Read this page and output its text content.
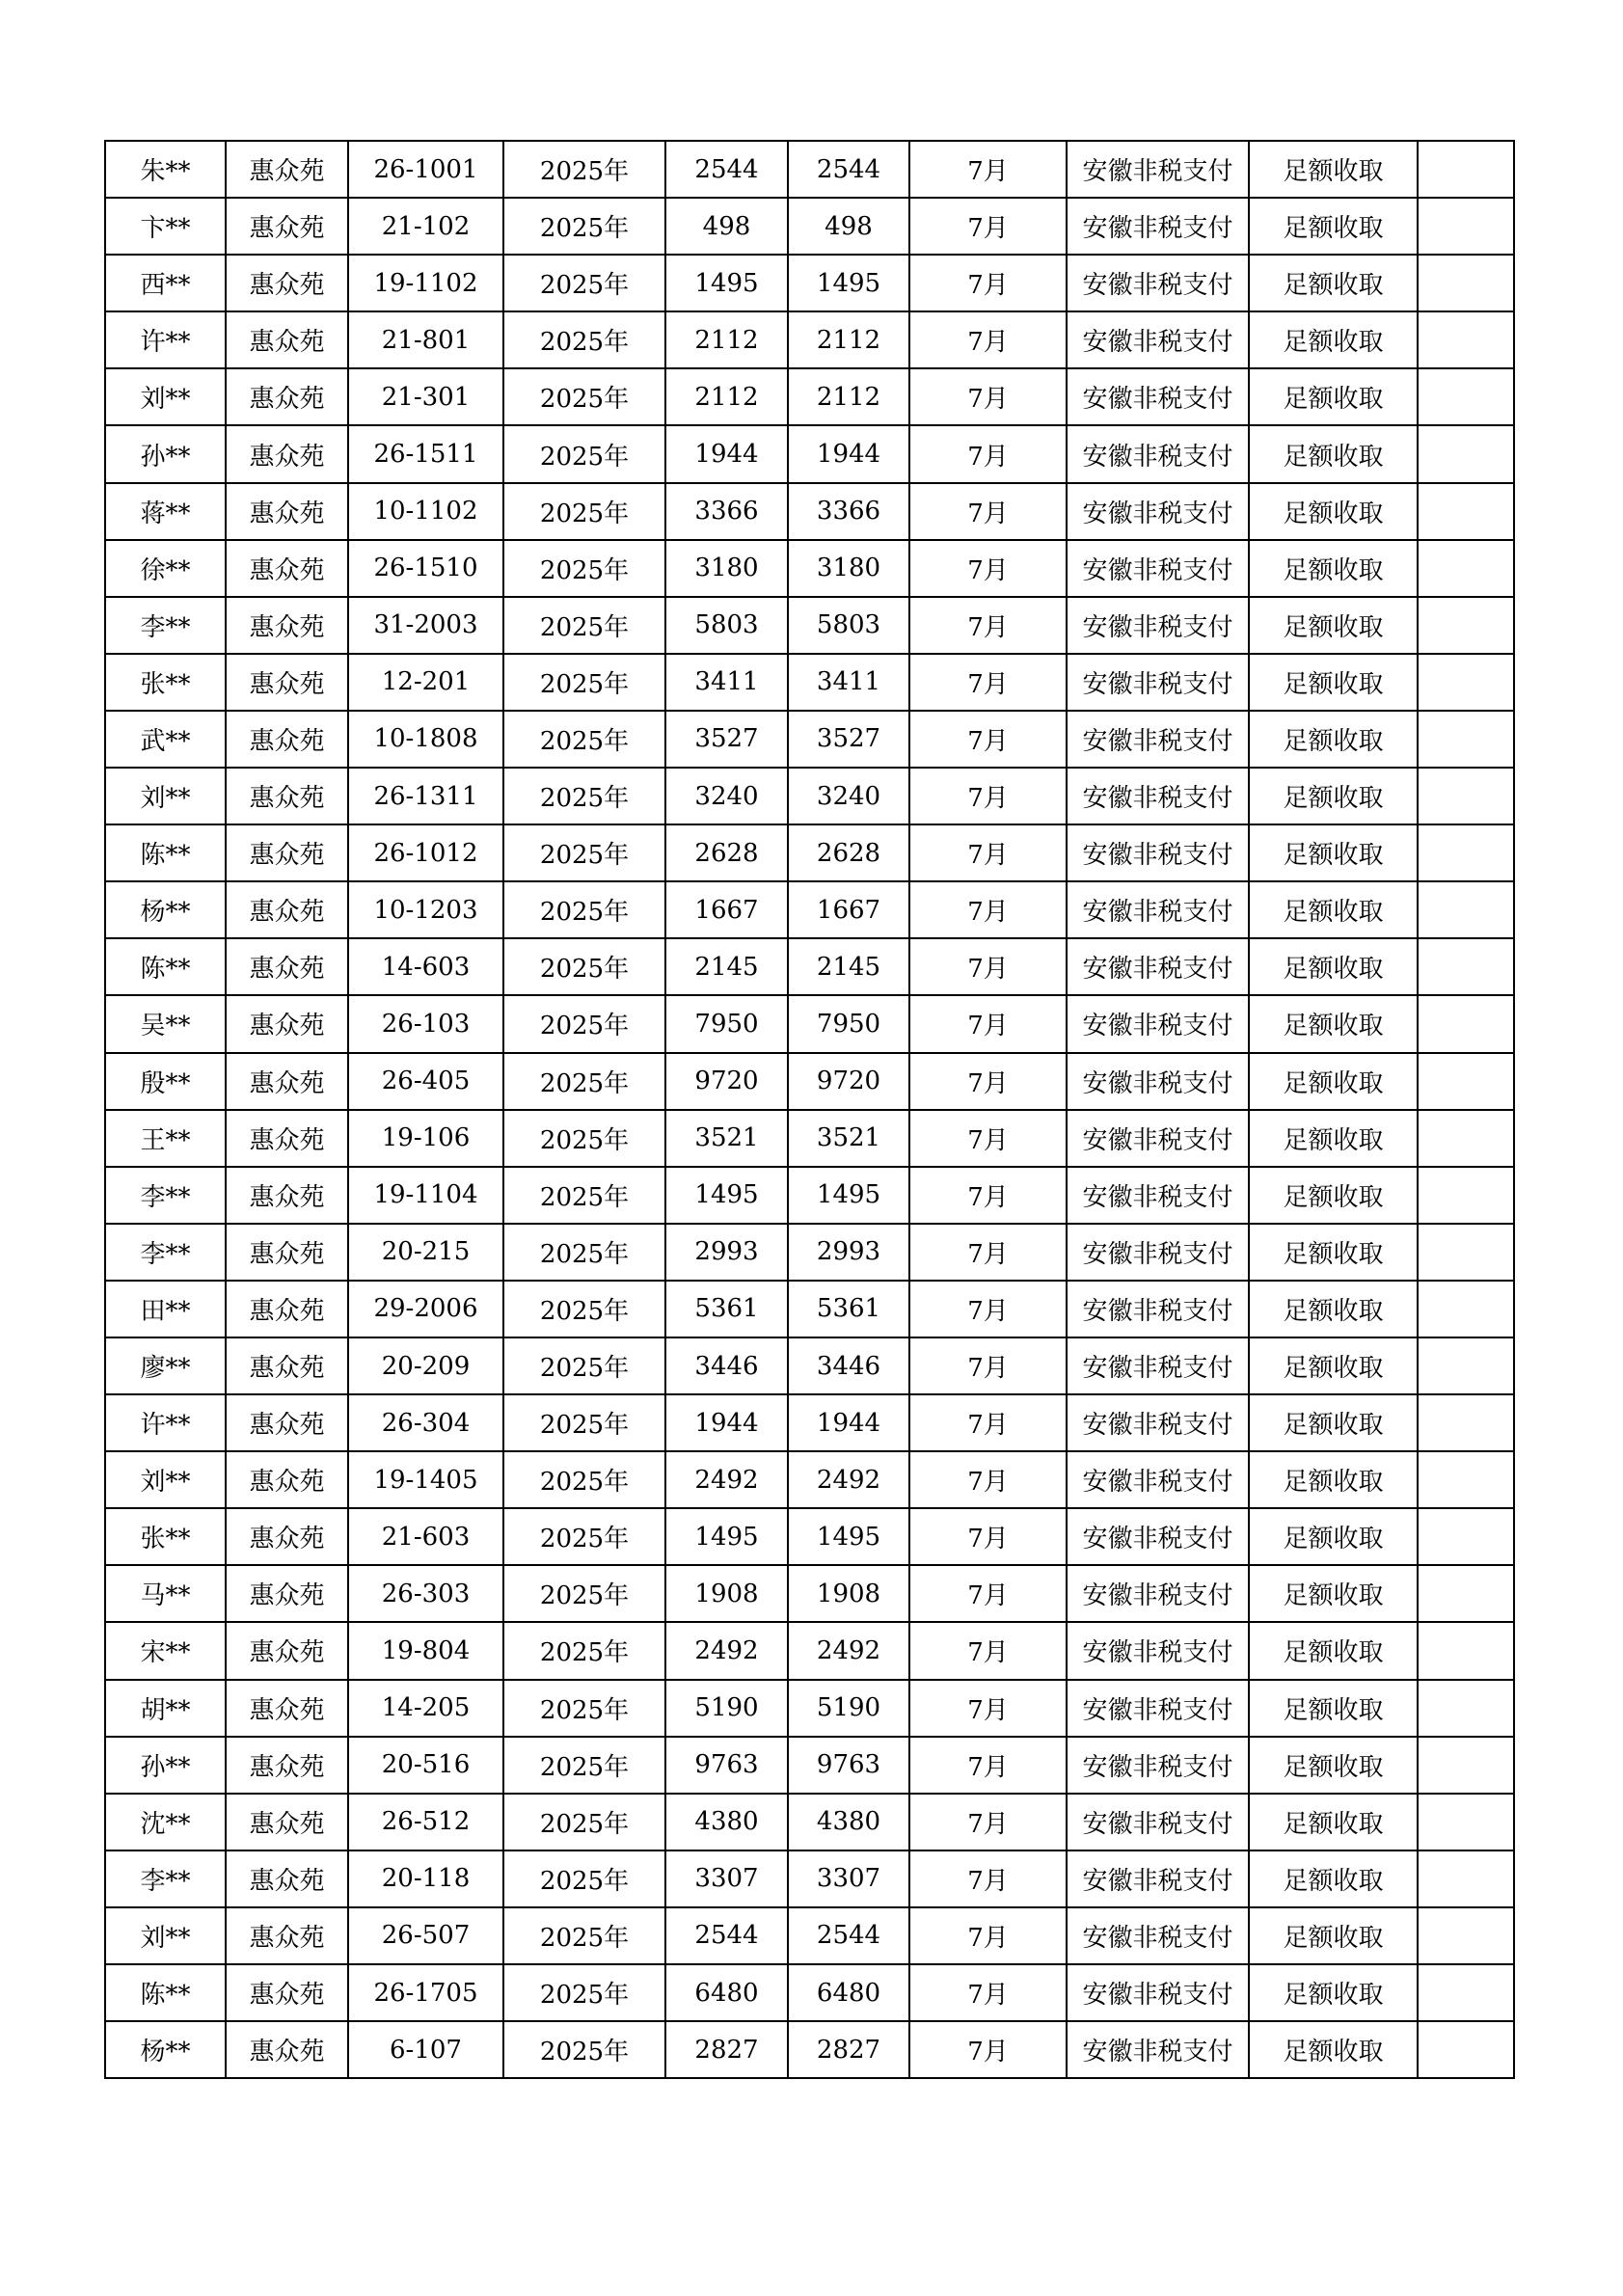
朱**	惠众苑	26-1001	2025年	2544	2544	7月	安徽非税支付	足额收取	
卞**	惠众苑	21-102	2025年	498	498	7月	安徽非税支付	足额收取	
西**	惠众苑	19-1102	2025年	1495	1495	7月	安徽非税支付	足额收取	
许**	惠众苑	21-801	2025年	2112	2112	7月	安徽非税支付	足额收取	
刘**	惠众苑	21-301	2025年	2112	2112	7月	安徽非税支付	足额收取	
孙**	惠众苑	26-1511	2025年	1944	1944	7月	安徽非税支付	足额收取	
蒋**	惠众苑	10-1102	2025年	3366	3366	7月	安徽非税支付	足额收取	
徐**	惠众苑	26-1510	2025年	3180	3180	7月	安徽非税支付	足额收取	
李**	惠众苑	31-2003	2025年	5803	5803	7月	安徽非税支付	足额收取	
张**	惠众苑	12-201	2025年	3411	3411	7月	安徽非税支付	足额收取	
武**	惠众苑	10-1808	2025年	3527	3527	7月	安徽非税支付	足额收取	
刘**	惠众苑	26-1311	2025年	3240	3240	7月	安徽非税支付	足额收取	
陈**	惠众苑	26-1012	2025年	2628	2628	7月	安徽非税支付	足额收取	
杨**	惠众苑	10-1203	2025年	1667	1667	7月	安徽非税支付	足额收取	
陈**	惠众苑	14-603	2025年	2145	2145	7月	安徽非税支付	足额收取	
吴**	惠众苑	26-103	2025年	7950	7950	7月	安徽非税支付	足额收取	
殷**	惠众苑	26-405	2025年	9720	9720	7月	安徽非税支付	足额收取	
王**	惠众苑	19-106	2025年	3521	3521	7月	安徽非税支付	足额收取	
李**	惠众苑	19-1104	2025年	1495	1495	7月	安徽非税支付	足额收取	
李**	惠众苑	20-215	2025年	2993	2993	7月	安徽非税支付	足额收取	
田**	惠众苑	29-2006	2025年	5361	5361	7月	安徽非税支付	足额收取	
廖**	惠众苑	20-209	2025年	3446	3446	7月	安徽非税支付	足额收取	
许**	惠众苑	26-304	2025年	1944	1944	7月	安徽非税支付	足额收取	
刘**	惠众苑	19-1405	2025年	2492	2492	7月	安徽非税支付	足额收取	
张**	惠众苑	21-603	2025年	1495	1495	7月	安徽非税支付	足额收取	
马**	惠众苑	26-303	2025年	1908	1908	7月	安徽非税支付	足额收取	
宋**	惠众苑	19-804	2025年	2492	2492	7月	安徽非税支付	足额收取	
胡**	惠众苑	14-205	2025年	5190	5190	7月	安徽非税支付	足额收取	
孙**	惠众苑	20-516	2025年	9763	9763	7月	安徽非税支付	足额收取	
沈**	惠众苑	26-512	2025年	4380	4380	7月	安徽非税支付	足额收取	
李**	惠众苑	20-118	2025年	3307	3307	7月	安徽非税支付	足额收取	
刘**	惠众苑	26-507	2025年	2544	2544	7月	安徽非税支付	足额收取	
陈**	惠众苑	26-1705	2025年	6480	6480	7月	安徽非税支付	足额收取	
杨**	惠众苑	6-107	2025年	2827	2827	7月	安徽非税支付	足额收取	
